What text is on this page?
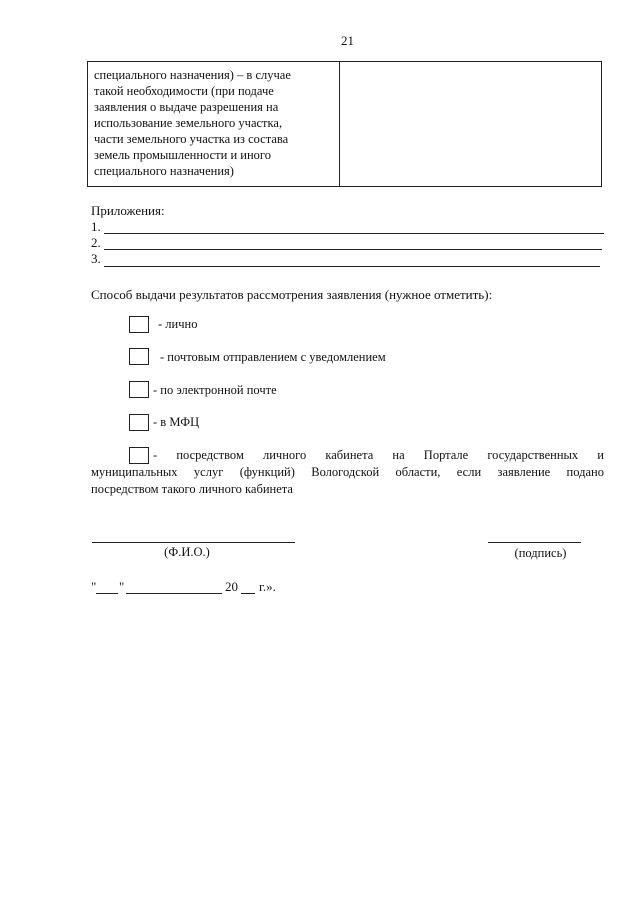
21
специального назначения) – в случае
такой необходимости (при подаче
заявления о выдаче разрешения на
использование земельного участка,
части земельного участка из состава
земель промышленности и иного
специального назначения)
Приложения:
1.
2.
3.
Способ выдачи результатов рассмотрения заявления (нужное отметить):
- лично
- почтовым отправлением с уведомлением
- по электронной почте
- в МФЦ
- посредством личного кабинета на Портале государственных и
муниципальных услуг (функций) Вологодской области, если заявление подано
посредством такого личного кабинета
(Ф.И.О.)	(подпись)
" "	20 г.».
